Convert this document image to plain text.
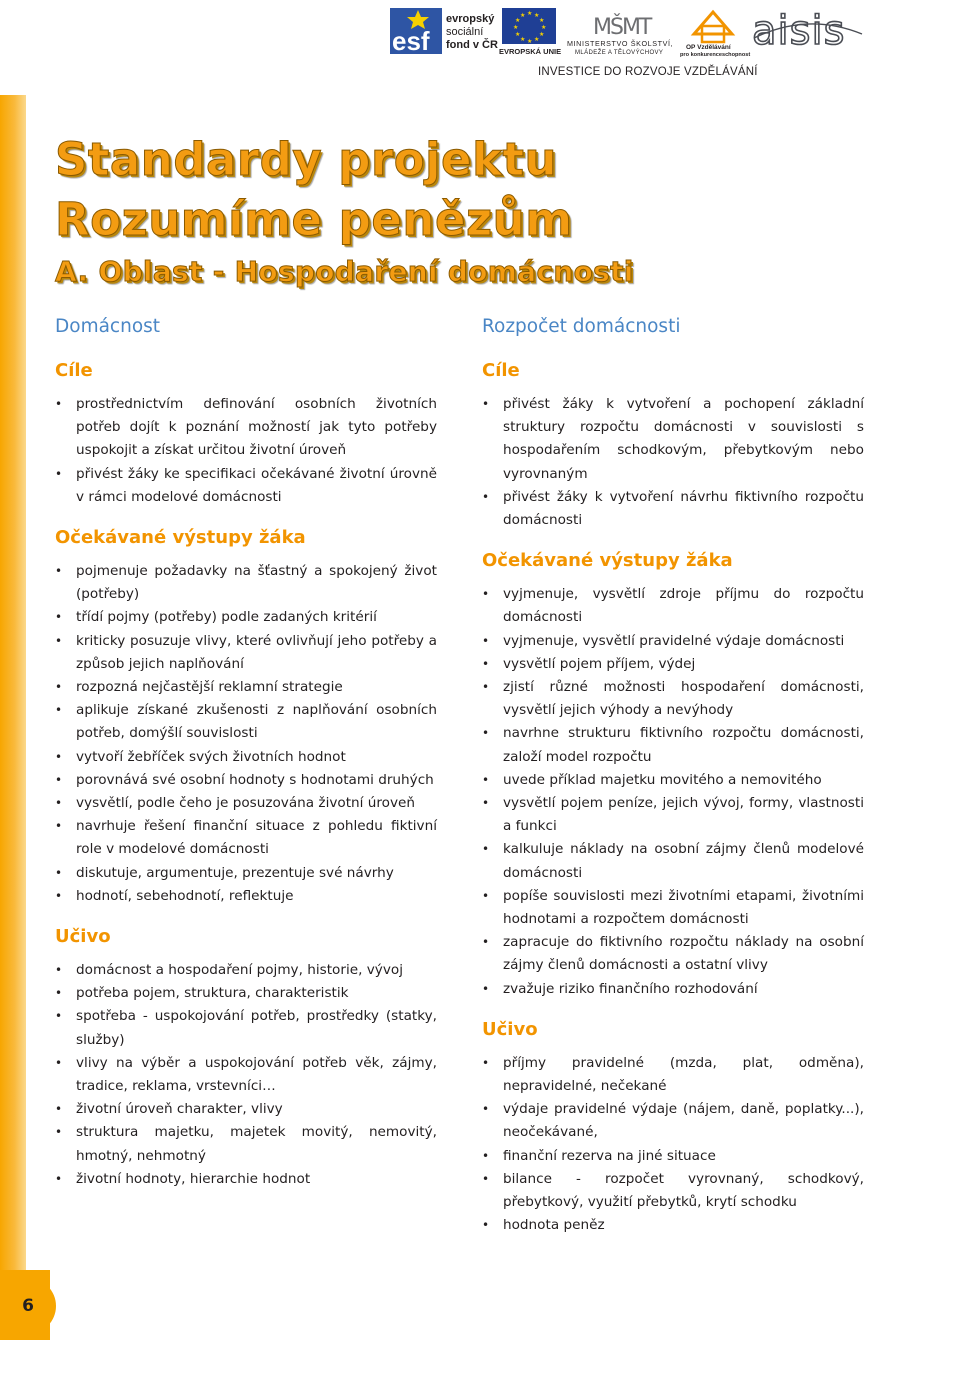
esf
evropský
sociální
fond v ČR
★ ★
★
★
★
★
★
★
★
★
★
★
EVROPSKÁ UNIE
MŠMT
MINISTERSTVO ŠKOLSTVÍ,
MLÁDEŽE A TĚLOVÝCHOVY
OP Vzdělávání
pro konkurenceschopnost
aisis
INVESTICE DO ROZVOJE VZDĚLÁVÁNÍ
Standardy projektu
Rozumíme penězům
A. Oblast - Hospodaření domácnosti
Domácnost
Cíle
• prostřednictvím definování osobních životních potřeb dojít k poznání možností jak tyto potřeby uspokojit a získat určitou životní úroveň
• přivést žáky ke specifikaci očekávané životní úrovně v rámci modelové domácnosti
Očekávané výstupy žáka
• pojmenuje požadavky na šťastný a spokojený život (potřeby)
• třídí pojmy (potřeby) podle zadaných kritérií
• kriticky posuzuje vlivy, které ovlivňují jeho potřeby a způsob jejich naplňování
• rozpozná nejčastější reklamní strategie
• aplikuje získané zkušenosti z naplňování osobních potřeb, domýšlí souvislosti
• vytvoří žebříček svých životních hodnot
• porovnává své osobní hodnoty s hodnotami druhých
• vysvětlí, podle čeho je posuzována životní úroveň
• navrhuje řešení finanční situace z pohledu fiktivní role v modelové domácnosti
• diskutuje, argumentuje, prezentuje své návrhy
• hodnotí, sebehodnotí, reflektuje
Učivo
• domácnost a hospodaření pojmy, historie, vývoj
• potřeba pojem, struktura, charakteristik
• spotřeba - uspokojování potřeb, prostředky (statky, služby)
• vlivy na výběr a uspokojování potřeb věk, zájmy, tradice, reklama, vrstevníci…
• životní úroveň charakter, vlivy
• struktura majetku, majetek movitý, nemovitý, hmotný, nehmotný
• životní hodnoty, hierarchie hodnot
Rozpočet domácnosti
Cíle
• přivést žáky k vytvoření a pochopení základní struktury rozpočtu domácnosti v souvislosti s hospodařením schodkovým, přebytkovým nebo vyrovnaným
• přivést žáky k vytvoření návrhu fiktivního rozpočtu domácnosti
Očekávané výstupy žáka
• vyjmenuje, vysvětlí zdroje příjmu do rozpočtu domácnosti
• vyjmenuje, vysvětlí pravidelné výdaje domácnosti
• vysvětlí pojem příjem, výdej
• zjistí různé možnosti hospodaření domácnosti, vysvětlí jejich výhody a nevýhody
• navrhne strukturu fiktivního rozpočtu domácnosti, založí model rozpočtu
• uvede příklad majetku movitého a nemovitého
• vysvětlí pojem peníze, jejich vývoj, formy, vlastnosti a funkci
• kalkuluje náklady na osobní zájmy členů modelové domácnosti
• popíše souvislosti mezi životními etapami, životními hodnotami a rozpočtem domácnosti
• zapracuje do fiktivního rozpočtu náklady na osobní zájmy členů domácnosti a ostatní vlivy
• zvažuje riziko finančního rozhodování
Učivo
• příjmy pravidelné (mzda, plat, odměna), nepravidelné, nečekané
• výdaje pravidelné výdaje (nájem, daně, poplatky...), neočekávané,
• finanční rezerva na jiné situace
• bilance - rozpočet vyrovnaný, schodkový, přebytkový, využití přebytků, krytí schodku
• hodnota peněz
6
